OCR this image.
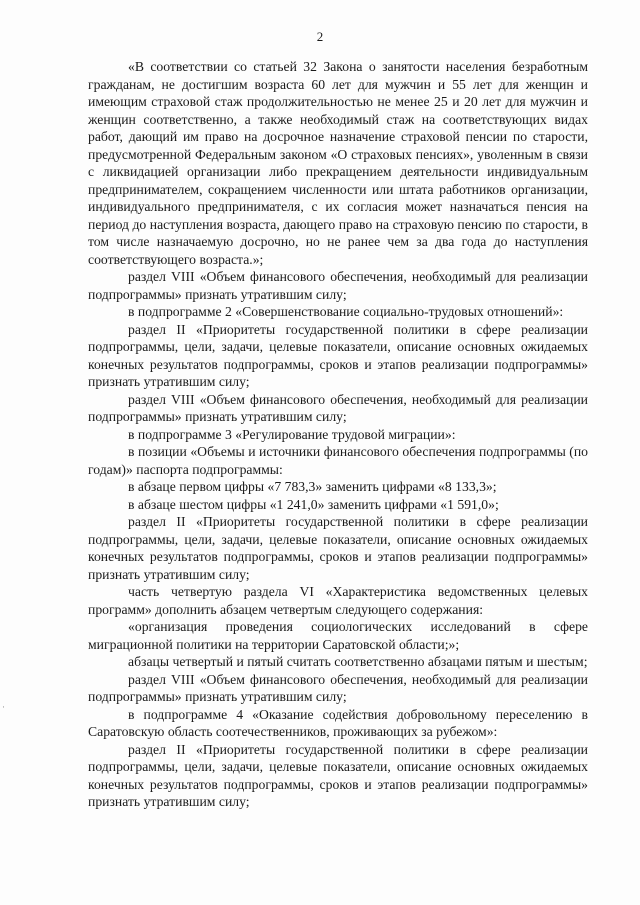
2

«В соответствии со статьей 32 Закона о занятости населения безработным гражданам, не достигшим возраста 60 лет для мужчин и 55 лет для женщин и имеющим страховой стаж продолжительностью не менее 25 и 20 лет для мужчин и женщин соответственно, а также необходимый стаж на соответствующих видах работ, дающий им право на досрочное назначение страховой пенсии по старости, предусмотренной Федеральным законом «О страховых пенсиях», уволенным в связи с ликвидацией организации либо прекращением деятельности индивидуальным предпринимателем, сокращением численности или штата работников организации, индивидуального предпринимателя, с их согласия может назначаться пенсия на период до наступления возраста, дающего право на страховую пенсию по старости, в том числе назначаемую досрочно, но не ранее чем за два года до наступления соответствующего возраста.»;

раздел VIII «Объем финансового обеспечения, необходимый для реализации подпрограммы» признать утратившим силу;

в подпрограмме 2 «Совершенствование социально-трудовых отношений»:

раздел II «Приоритеты государственной политики в сфере реализации подпрограммы, цели, задачи, целевые показатели, описание основных ожидаемых конечных результатов подпрограммы, сроков и этапов реализации подпрограммы» признать утратившим силу;

раздел VIII «Объем финансового обеспечения, необходимый для реализации подпрограммы» признать утратившим силу;

в подпрограмме 3 «Регулирование трудовой миграции»:

в позиции «Объемы и источники финансового обеспечения подпрограммы (по годам)» паспорта подпрограммы:

в абзаце первом цифры «7 783,3» заменить цифрами «8 133,3»;

в абзаце шестом цифры «1 241,0» заменить цифрами «1 591,0»;

раздел II «Приоритеты государственной политики в сфере реализации подпрограммы, цели, задачи, целевые показатели, описание основных ожидаемых конечных результатов подпрограммы, сроков и этапов реализации подпрограммы» признать утратившим силу;

часть четвертую раздела VI «Характеристика ведомственных целевых программ» дополнить абзацем четвертым следующего содержания:

«организация проведения социологических исследований в сфере миграционной политики на территории Саратовской области;»;

абзацы четвертый и пятый считать соответственно абзацами пятым и шестым;

раздел VIII «Объем финансового обеспечения, необходимый для реализации подпрограммы» признать утратившим силу;

в подпрограмме 4 «Оказание содействия добровольному переселению в Саратовскую область соотечественников, проживающих за рубежом»:

раздел II «Приоритеты государственной политики в сфере реализации подпрограммы, цели, задачи, целевые показатели, описание основных ожидаемых конечных результатов подпрограммы, сроков и этапов реализации подпрограммы» признать утратившим силу;

·
